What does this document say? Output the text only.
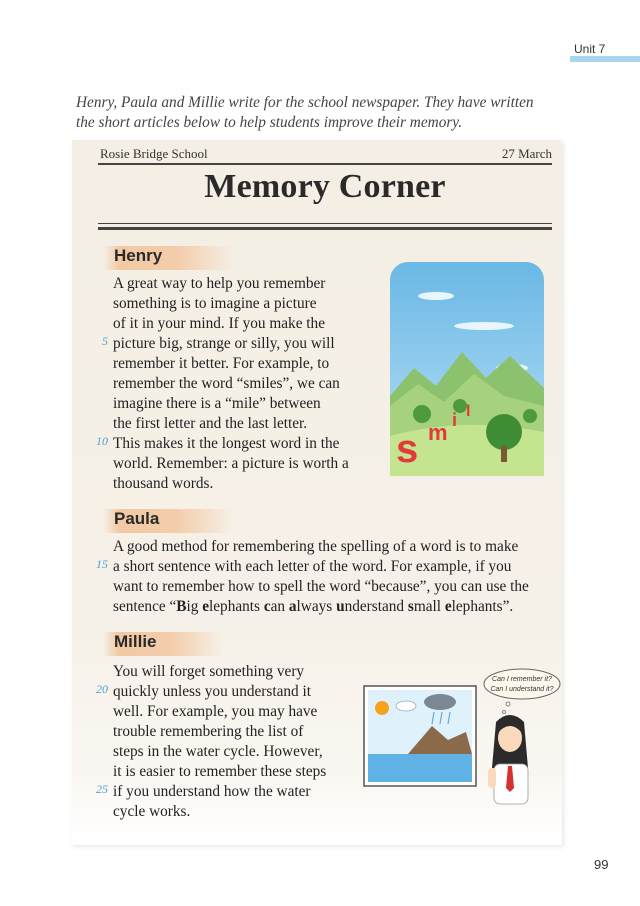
Unit 7
Henry, Paula and Millie write for the school newspaper. They have written
the short articles below to help students improve their memory.
Rosie Bridge School	27 March
Memory Corner
Henry
A great way to help you remember
something is to imagine a picture
of it in your mind. If you make the
picture big, strange or silly, you will
remember it better. For example, to
remember the word “smiles”, we can
imagine there is a “mile” between
the first letter and the last letter.
This makes it the longest word in the
world. Remember: a picture is worth a
thousand words.
5
10	s m i l
Paula
A good method for remembering the spelling of a word is to make
a short sentence with each letter of the word. For example, if you
want to remember how to spell the word “because”, you can use the
sentence “Big elephants can always understand small elephants”.
15
Millie
You will forget something very
quickly unless you understand it
well. For example, you may have
trouble remembering the list of
steps in the water cycle. However,
it is easier to remember these steps
if you understand how the water
cycle works.
20
25
Can I remember it?
Can I understand it?
99
